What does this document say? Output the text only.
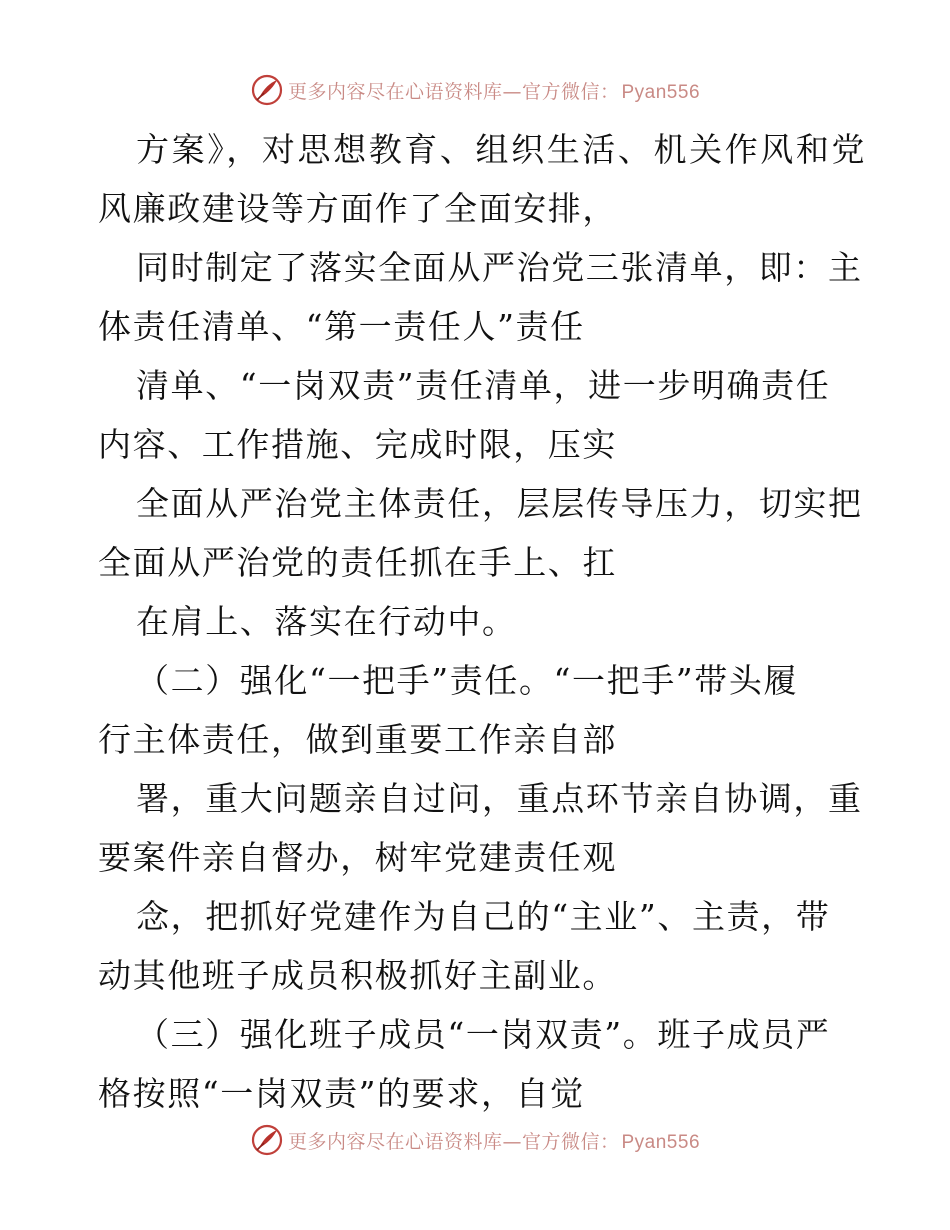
更多内容尽在心语资料库—官方微信： Pyan556
方案》，对思想教育、组织生活、机关作风和党
风廉政建设等方面作了全面安排，
同时制定了落实全面从严治党三张清单，即：主
体责任清单、“第一责任人”责任
清单、“一岗双责”责任清单，进一步明确责任
内容、工作措施、完成时限，压实
全面从严治党主体责任，层层传导压力，切实把
全面从严治党的责任抓在手上、扛
在肩上、落实在行动中。
（二）强化“一把手”责任。“一把手”带头履
行主体责任，做到重要工作亲自部
署，重大问题亲自过问，重点环节亲自协调，重
要案件亲自督办，树牢党建责任观
念，把抓好党建作为自己的“主业”、主责，带
动其他班子成员积极抓好主副业。
（三）强化班子成员“一岗双责”。班子成员严
格按照“一岗双责”的要求，自觉
更多内容尽在心语资料库—官方微信： Pyan556
